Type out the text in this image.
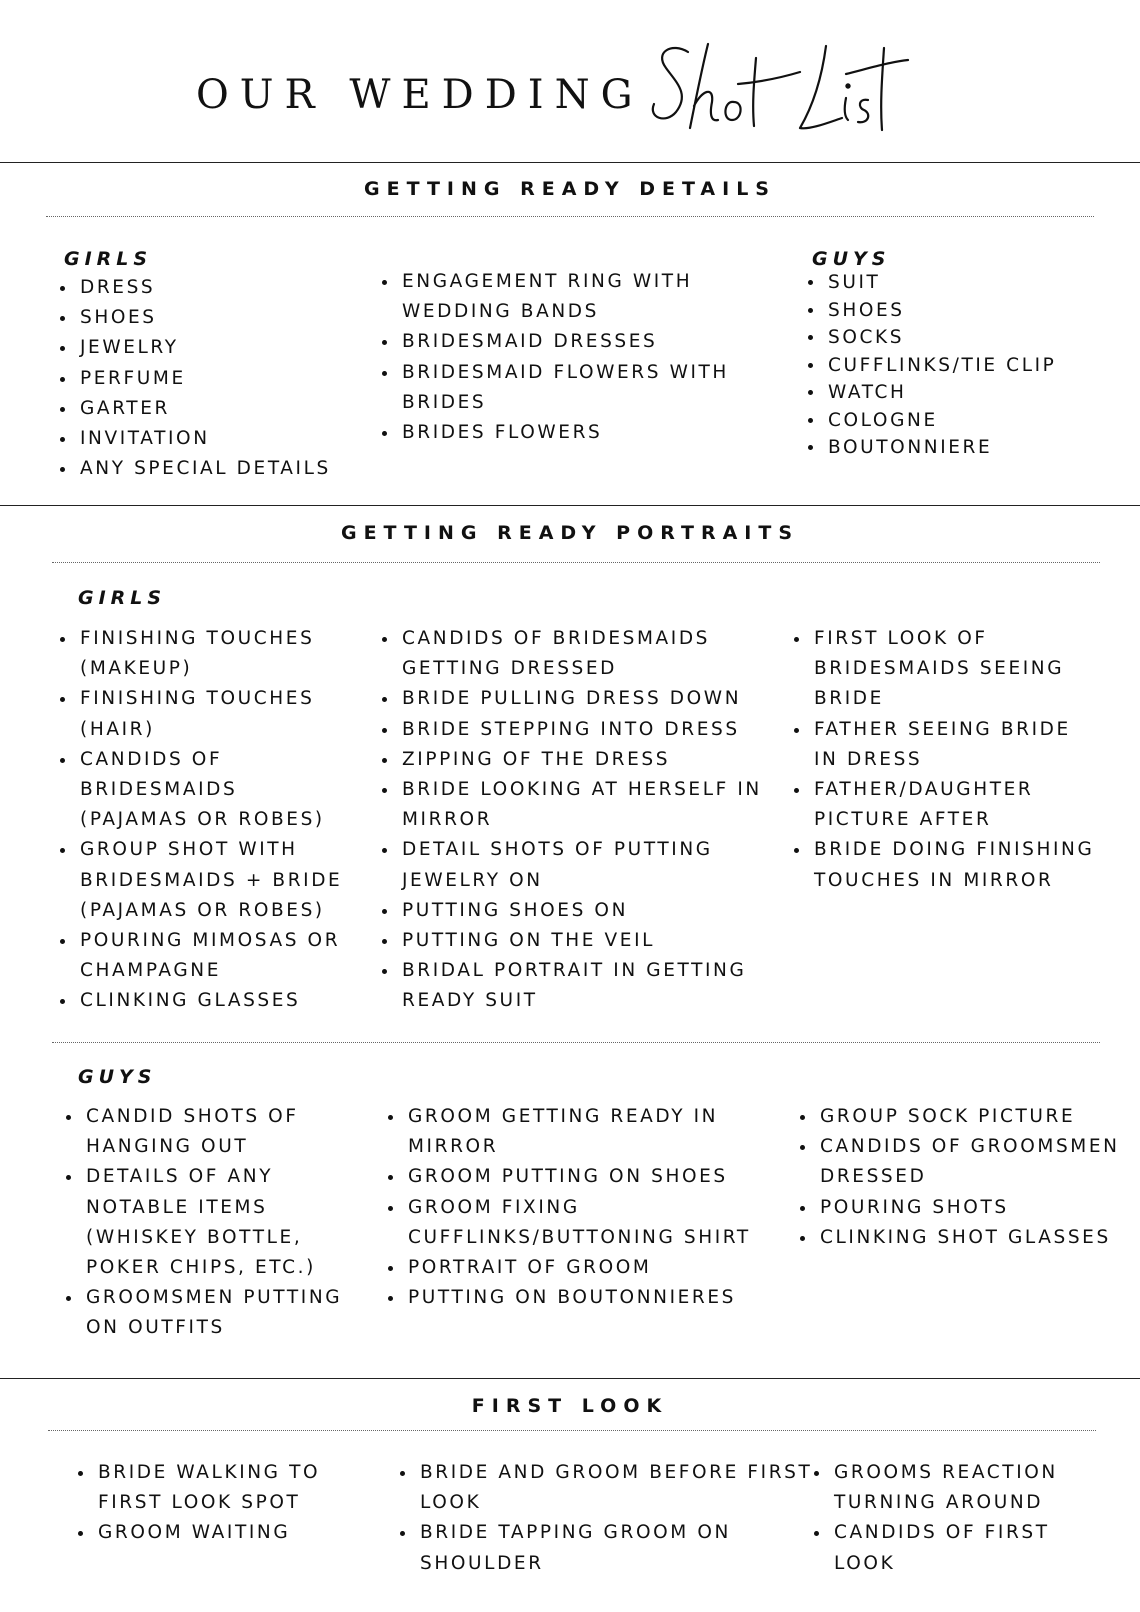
OUR WEDDING
GETTING READY DETAILS
GIRLS	GUYS
DRESS
SHOES
JEWELRY
PERFUME
GARTER
INVITATION
ANY SPECIAL DETAILS
ENGAGEMENT RING WITH
WEDDING BANDS
BRIDESMAID DRESSES
BRIDESMAID FLOWERS WITH
BRIDES
BRIDES FLOWERS
SUIT
SHOES
SOCKS
CUFFLINKS/TIE CLIP
WATCH
COLOGNE
BOUTONNIERE
GETTING READY PORTRAITS
GIRLS
FINISHING TOUCHES
(MAKEUP)
FINISHING TOUCHES
(HAIR)
CANDIDS OF
BRIDESMAIDS
(PAJAMAS OR ROBES)
GROUP SHOT WITH
BRIDESMAIDS + BRIDE
(PAJAMAS OR ROBES)
POURING MIMOSAS OR
CHAMPAGNE
CLINKING GLASSES
CANDIDS OF BRIDESMAIDS
GETTING DRESSED
BRIDE PULLING DRESS DOWN
BRIDE STEPPING INTO DRESS
ZIPPING OF THE DRESS
BRIDE LOOKING AT HERSELF IN
MIRROR
DETAIL SHOTS OF PUTTING
JEWELRY ON
PUTTING SHOES ON
PUTTING ON THE VEIL
BRIDAL PORTRAIT IN GETTING
READY SUIT
FIRST LOOK OF
BRIDESMAIDS SEEING
BRIDE
FATHER SEEING BRIDE
IN DRESS
FATHER/DAUGHTER
PICTURE AFTER
BRIDE DOING FINISHING
TOUCHES IN MIRROR
GUYS
CANDID SHOTS OF
HANGING OUT
DETAILS OF ANY
NOTABLE ITEMS
(WHISKEY BOTTLE,
POKER CHIPS, ETC.)
GROOMSMEN PUTTING
ON OUTFITS
GROOM GETTING READY IN
MIRROR
GROOM PUTTING ON SHOES
GROOM FIXING
CUFFLINKS/BUTTONING SHIRT
PORTRAIT OF GROOM
PUTTING ON BOUTONNIERES
GROUP SOCK PICTURE
CANDIDS OF GROOMSMEN
DRESSED
POURING SHOTS
CLINKING SHOT GLASSES
FIRST LOOK
BRIDE WALKING TO
FIRST LOOK SPOT
GROOM WAITING
BRIDE AND GROOM BEFORE FIRST
LOOK
BRIDE TAPPING GROOM ON
SHOULDER
GROOMS REACTION
TURNING AROUND
CANDIDS OF FIRST
LOOK
